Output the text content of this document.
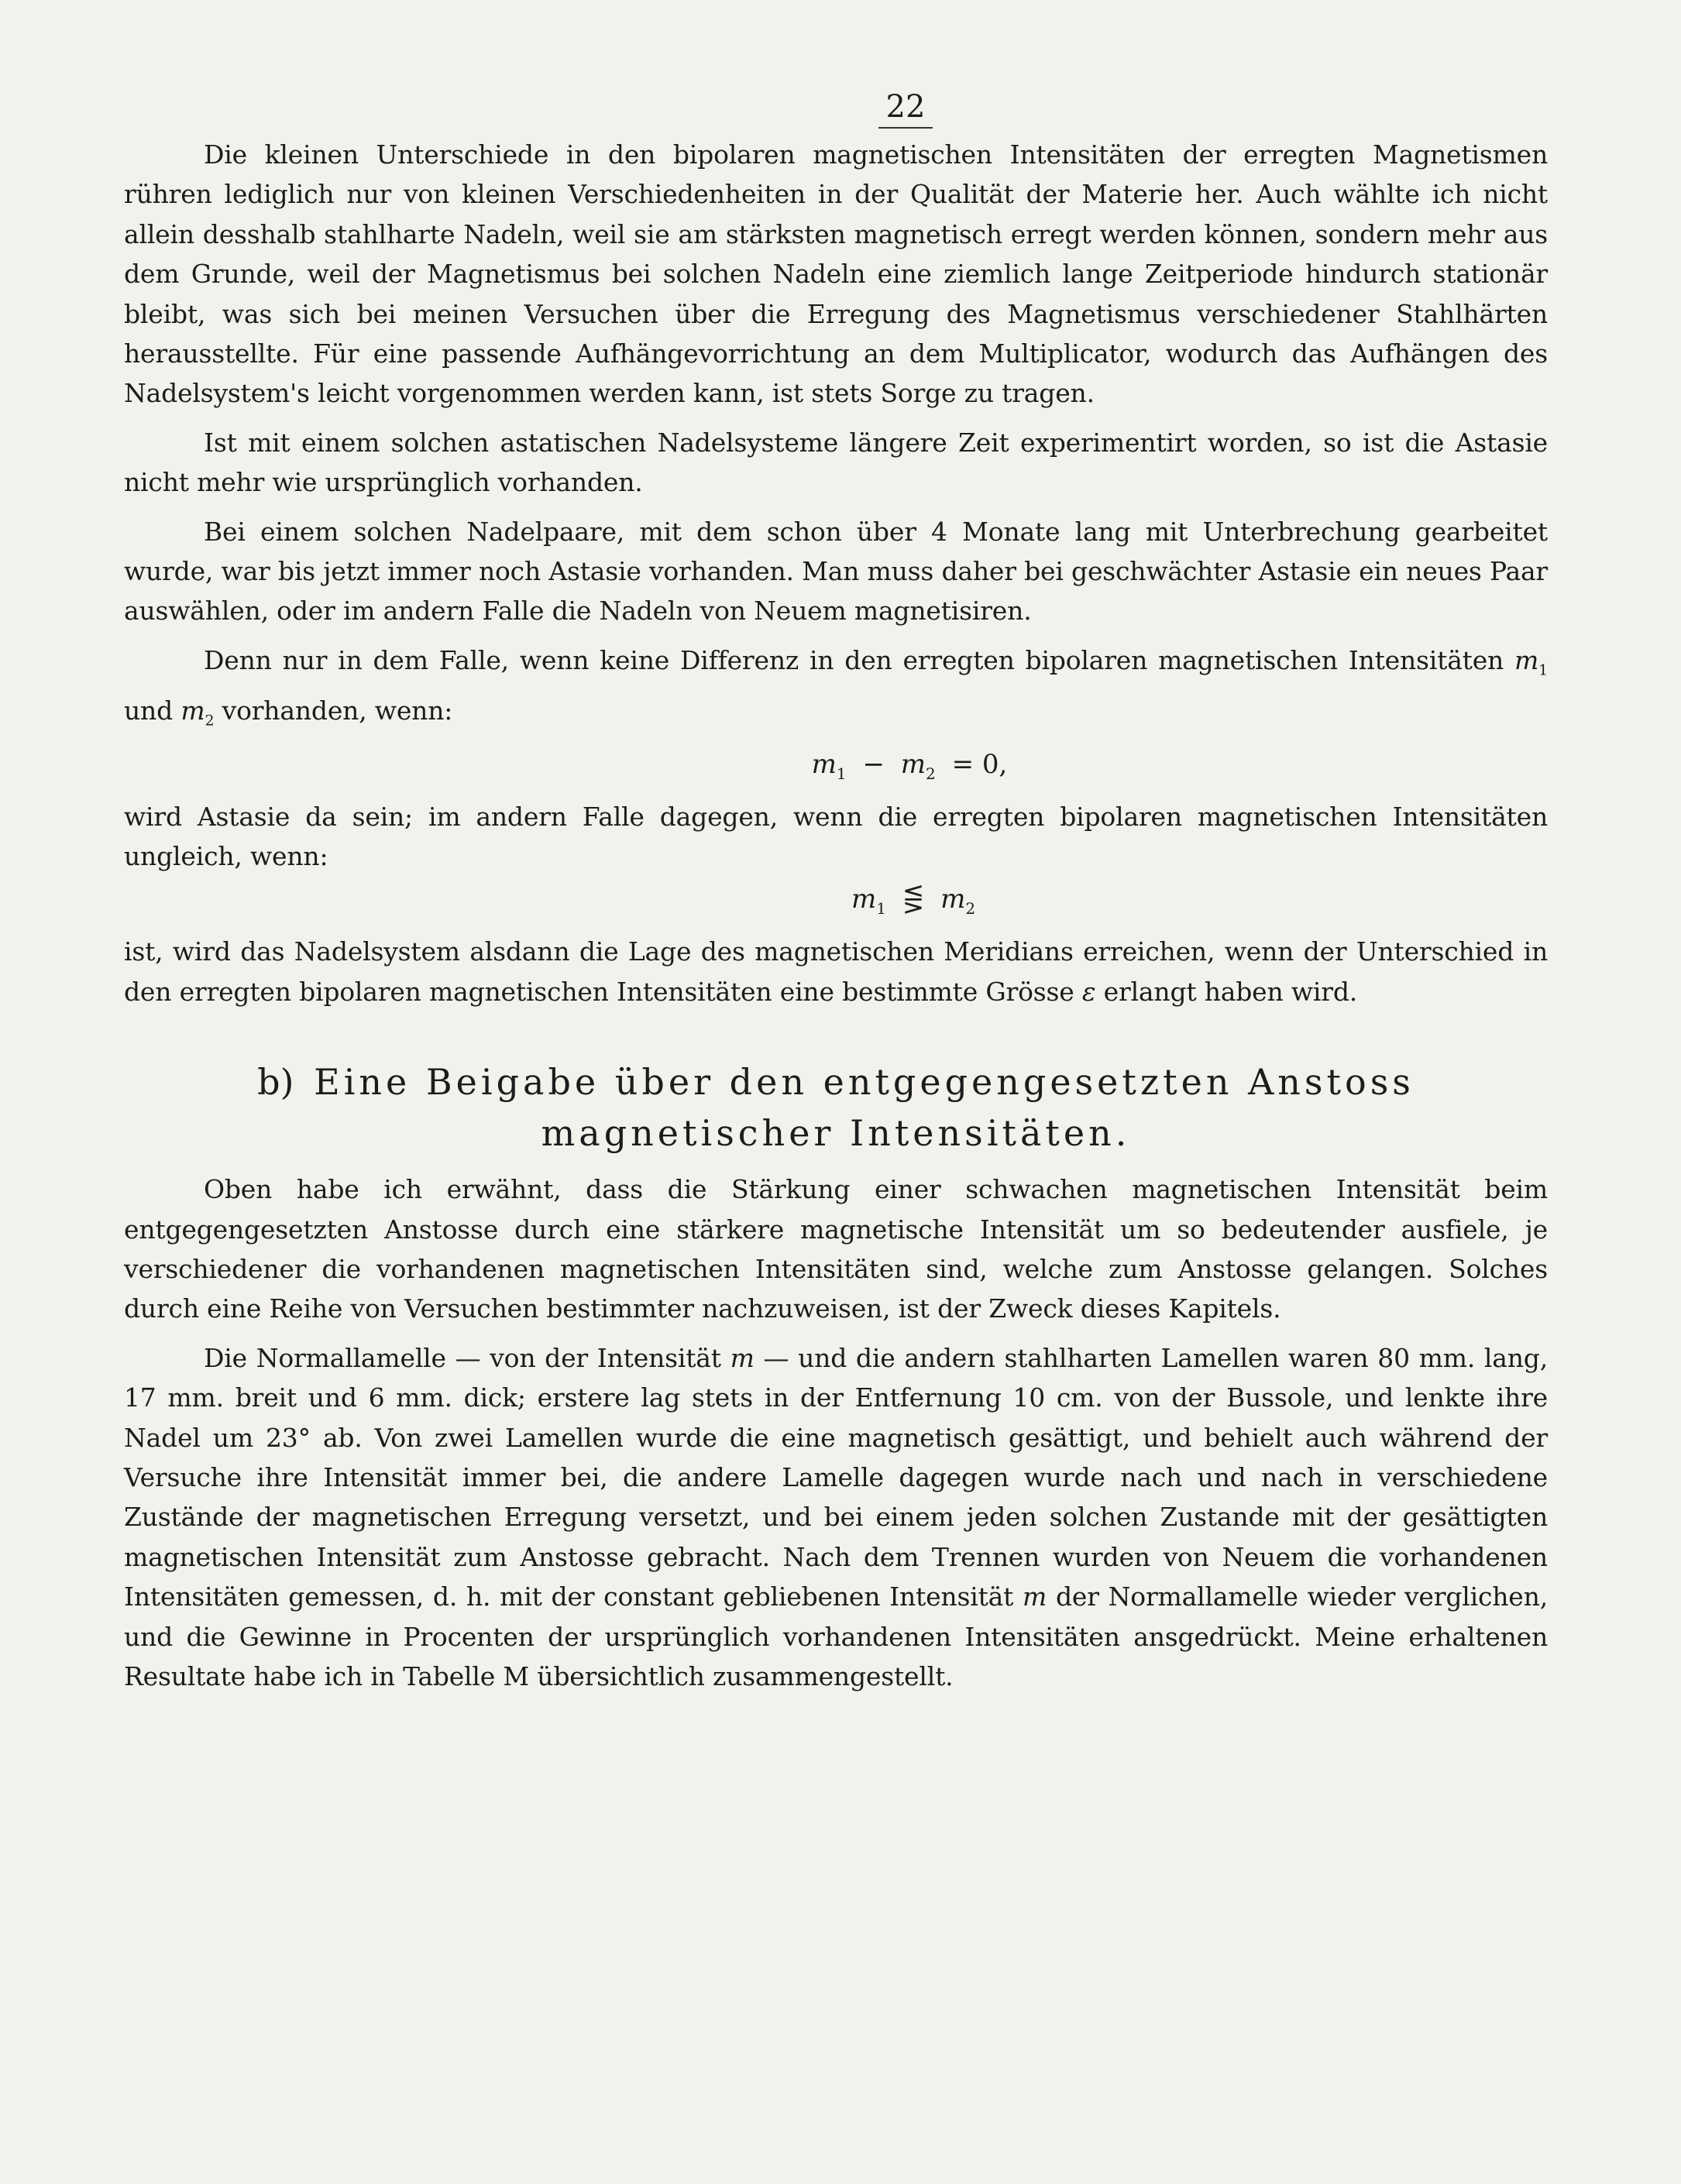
22

Die kleinen Unterschiede in den bipolaren magnetischen Intensitäten der erregten Magnetismen rühren lediglich nur von kleinen Verschiedenheiten in der Qualität der Materie her. Auch wählte ich nicht allein desshalb stahlharte Nadeln, weil sie am stärksten magnetisch erregt werden können, sondern mehr aus dem Grunde, weil der Magnetismus bei solchen Nadeln eine ziemlich lange Zeitperiode hindurch stationär bleibt, was sich bei meinen Versuchen über die Erregung des Magnetismus verschiedener Stahlhärten herausstellte. Für eine passende Aufhängevorrichtung an dem Multiplicator, wodurch das Aufhängen des Nadelsystem's leicht vorgenommen werden kann, ist stets Sorge zu tragen.

Ist mit einem solchen astatischen Nadelsysteme längere Zeit experimentirt worden, so ist die Astasie nicht mehr wie ursprünglich vorhanden.

Bei einem solchen Nadelpaare, mit dem schon über 4 Monate lang mit Unterbrechung gearbeitet wurde, war bis jetzt immer noch Astasie vorhanden. Man muss daher bei geschwächter Astasie ein neues Paar auswählen, oder im andern Falle die Nadeln von Neuem magnetisiren.

Denn nur in dem Falle, wenn keine Differenz in den erregten bipolaren magnetischen Intensitäten $m_1$ und $m_2$ vorhanden, wenn:

$m_1 - m_2 = 0$,

wird Astasie da sein; im andern Falle dagegen, wenn die erregten bipolaren magnetischen Intensitäten ungleich, wenn:

$m_1$ ⋚ $m_2$

ist, wird das Nadelsystem alsdann die Lage des magnetischen Meridians erreichen, wenn der Unterschied in den erregten bipolaren magnetischen Intensitäten eine bestimmte Grösse ε erlangt haben wird.

b) Eine Beigabe über den entgegengesetzten Anstoss magnetischer Intensitäten.

Oben habe ich erwähnt, dass die Stärkung einer schwachen magnetischen Intensität beim entgegengesetzten Anstosse durch eine stärkere magnetische Intensität um so bedeutender ausfiele, je verschiedener die vorhandenen magnetischen Intensitäten sind, welche zum Anstosse gelangen. Solches durch eine Reihe von Versuchen bestimmter nachzuweisen, ist der Zweck dieses Kapitels.

Die Normallamelle — von der Intensität m — und die andern stahlharten Lamellen waren 80 mm. lang, 17 mm. breit und 6 mm. dick; erstere lag stets in der Entfernung 10 cm. von der Bussole, und lenkte ihre Nadel um 23° ab. Von zwei Lamellen wurde die eine magnetisch gesättigt, und behielt auch während der Versuche ihre Intensität immer bei, die andere Lamelle dagegen wurde nach und nach in verschiedene Zustände der magnetischen Erregung versetzt, und bei einem jeden solchen Zustande mit der gesättigten magnetischen Intensität zum Anstosse gebracht. Nach dem Trennen wurden von Neuem die vorhandenen Intensitäten gemessen, d. h. mit der constant gebliebenen Intensität m der Normallamelle wieder verglichen, und die Gewinne in Procenten der ursprünglich vorhandenen Intensitäten ansgedrückt. Meine erhaltenen Resultate habe ich in Tabelle M übersichtlich zusammengestellt.
